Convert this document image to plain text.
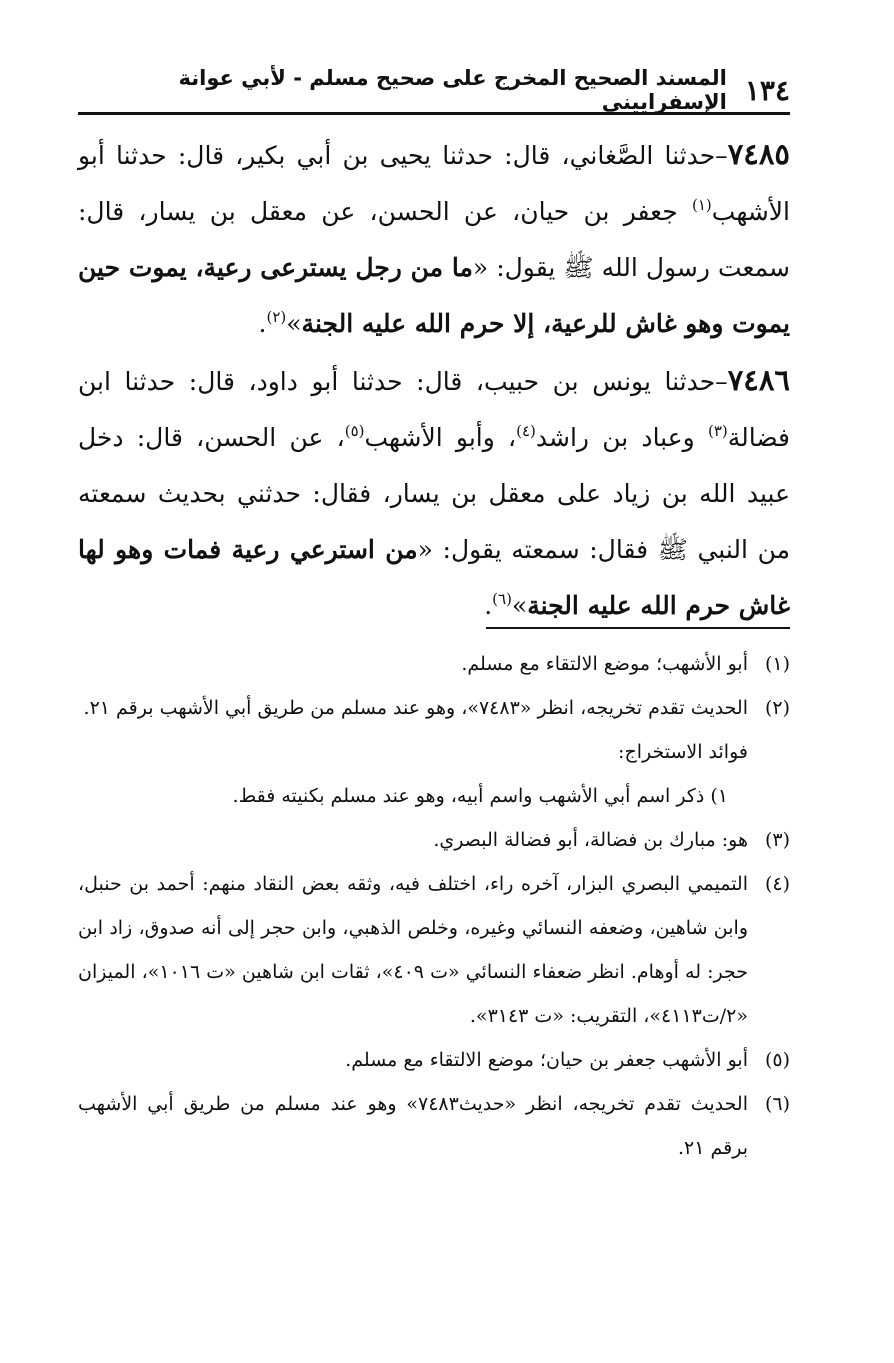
١٣٤
المسند الصحيح المخرج على صحيح مسلم - لأبي عوانة الإسفراييني

٧٤٨٥–حدثنا الصَّغاني، قال: حدثنا يحيى بن أبي بكير، قال: حدثنا أبو الأشهب$^{(١)}$ جعفر بن حيان، عن الحسن، عن معقل بن يسار، قال: سمعت رسول الله ﷺ يقول: «ما من رجل يسترعى رعية، يموت حين يموت وهو غاش للرعية، إلا حرم الله عليه الجنة»$^{(٢)}$.

٧٤٨٦–حدثنا يونس بن حبيب، قال: حدثنا أبو داود، قال: حدثنا ابن فضالة$^{(٣)}$ وعباد بن راشد$^{(٤)}$، وأبو الأشهب$^{(٥)}$، عن الحسن، قال: دخل عبيد الله بن زياد على معقل بن يسار، فقال: حدثني بحديث سمعته من النبي ﷺ فقال: سمعته يقول: «من استرعي رعية فمات وهو لها غاش حرم الله عليه الجنة»$^{(٦)}$.

(١)
أبو الأشهب؛ موضع الالتقاء مع مسلم.
(٢)
الحديث تقدم تخريجه، انظر «٧٤٨٣»، وهو عند مسلم من طريق أبي الأشهب برقم ٢١.

فوائد الاستخراج:

١) ذكر اسم أبي الأشهب واسم أبيه، وهو عند مسلم بكنيته فقط.

(٣)
هو: مبارك بن فضالة، أبو فضالة البصري.
(٤)
التميمي البصري البزار، آخره راء، اختلف فيه، وثقه بعض النقاد منهم: أحمد بن حنبل، وابن شاهين، وضعفه النسائي وغيره، وخلص الذهبي، وابن حجر إلى أنه صدوق، زاد ابن حجر: له أوهام. انظر ضعفاء النسائي «ت ٤٠٩»، ثقات ابن شاهين «ت ١٠١٦»، الميزان «٢/ت٤١١٣»، التقريب: «ت ٣١٤٣».
(٥)
أبو الأشهب جعفر بن حيان؛ موضع الالتقاء مع مسلم.
(٦)
الحديث تقدم تخريجه، انظر «حديث٧٤٨٣» وهو عند مسلم من طريق أبي الأشهب برقم ٢١.
